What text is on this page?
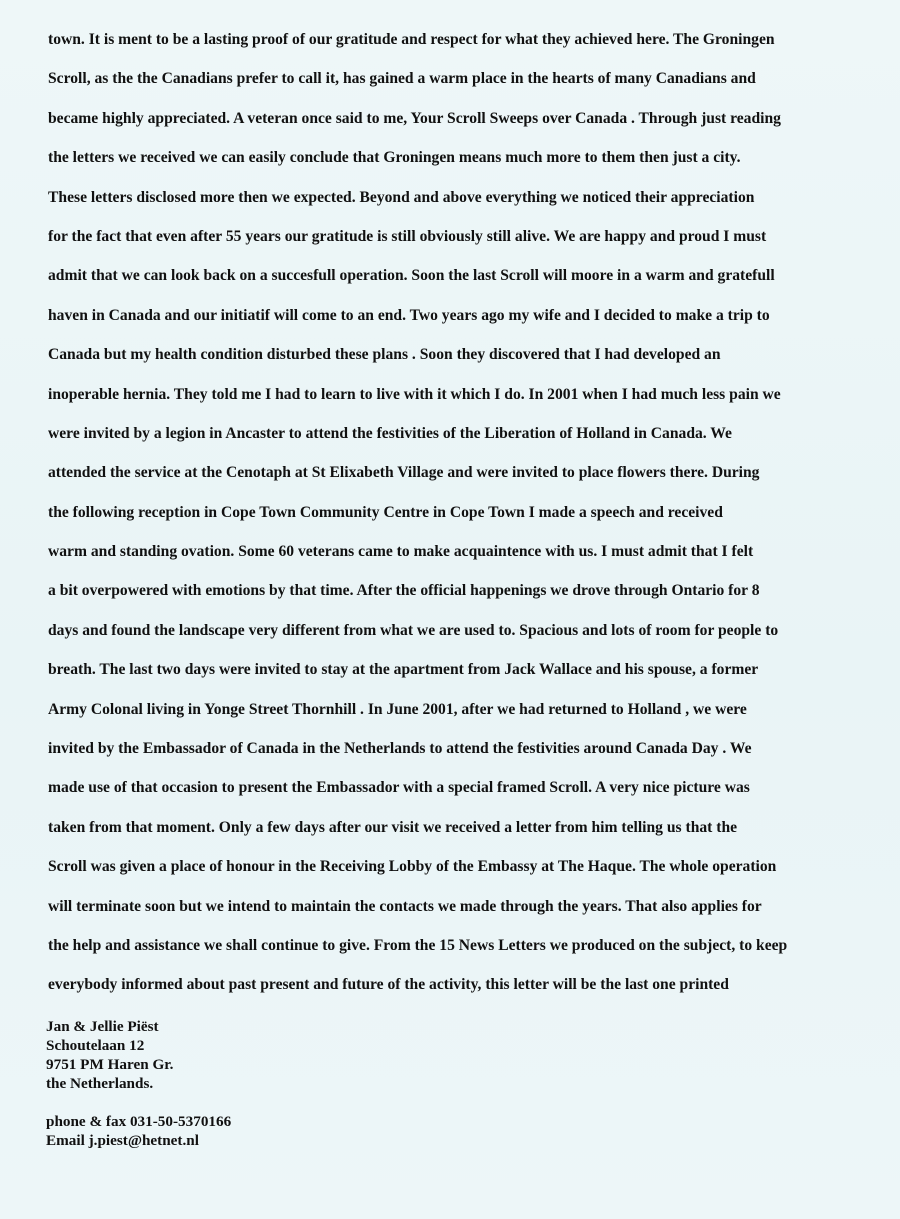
town. It is ment to be a lasting proof of our gratitude and respect for what they achieved here. The Groningen
Scroll, as the the Canadians prefer to call it, has gained a warm place in the hearts of many Canadians and
became highly appreciated. A veteran once said to me, Your Scroll Sweeps over Canada . Through just reading
the letters we received we can easily conclude that Groningen means much more to them then just a city.
These letters disclosed more then we expected. Beyond and above everything we noticed their appreciation
for the fact that even after 55 years our gratitude is still obviously still alive. We are happy and proud I must
admit that we can look back on a succesfull operation. Soon the last Scroll will moore in a warm and gratefull
haven in Canada and our initiatif will come to an end. Two years ago my wife and I decided to make a trip to
Canada but my health condition disturbed these plans . Soon they discovered that I had developed an
inoperable hernia. They told me I had to learn to live with it which I do. In 2001 when I had much less pain we
were invited by a legion in Ancaster to attend the festivities of the Liberation of Holland in Canada. We
attended the service at the Cenotaph at St Elixabeth Village and were invited to place flowers there. During
the following reception in Cope Town Community Centre in Cope Town I made a speech and received
warm and standing ovation. Some 60 veterans came to make acquaintence with us. I must admit that I felt
a bit overpowered with emotions by that time. After the official happenings we drove through Ontario for 8
days and found the landscape very different from what we are used to. Spacious and lots of room for people to
breath. The last two days were invited to stay at the apartment from Jack Wallace and his spouse, a former
Army Colonal living in Yonge Street Thornhill . In June 2001, after we had returned to Holland , we were
invited by the Embassador of Canada in the Netherlands to attend the festivities around Canada Day . We
made use of that occasion to present the Embassador with a special framed Scroll. A very nice picture was
taken from that moment. Only a few days after our visit we received a letter from him telling us that the
Scroll was given a place of honour in the Receiving Lobby of the Embassy at The Haque. The whole operation
will terminate soon but we intend to maintain the contacts we made through the years. That also applies for
the help and assistance we shall continue to give. From the 15 News Letters we produced on the subject, to keep
everybody informed about past present and future of the activity, this letter will be the last one printed
Jan & Jellie Piëst
Schoutelaan 12
9751 PM Haren Gr.
the Netherlands.
phone & fax 031-50-5370166
Email j.piest@hetnet.nl
